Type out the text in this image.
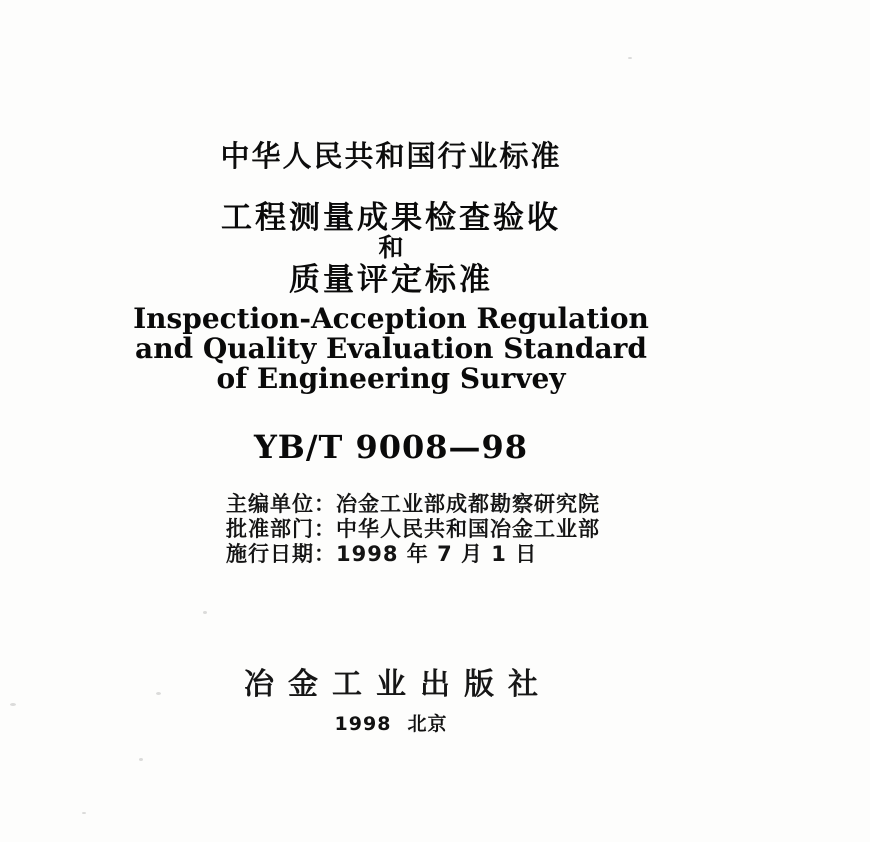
中华人民共和国行业标准
工程测量成果检查验收
和
质量评定标准
Inspection-Acception Regulation
and Quality Evaluation Standard
of Engineering Survey
YB/T 9008—98
主编单位：冶金工业部成都勘察研究院
批准部门：中华人民共和国冶金工业部
施行日期：1998 年 7 月 1 日
冶金工业出版社
1998 北京
